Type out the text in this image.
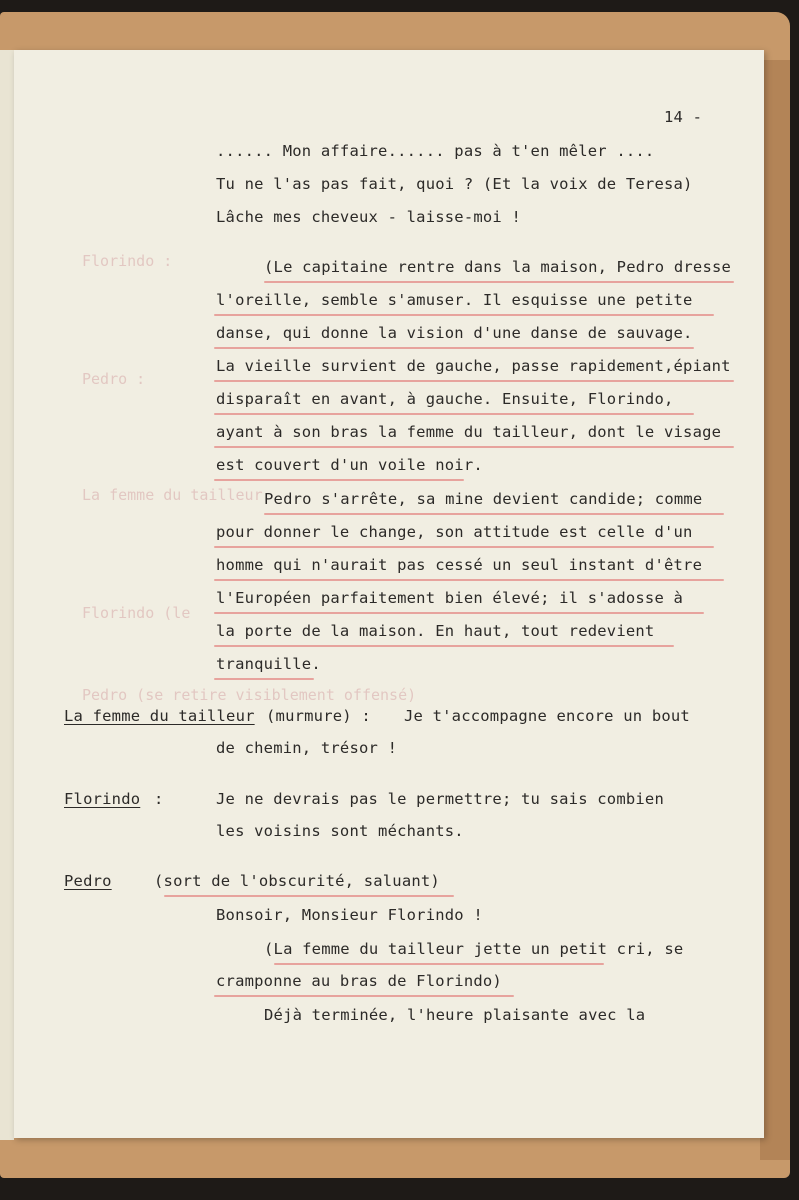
Florindo :
Pedro :
La femme du tailleur
Florindo (le
Pedro (se retire visiblement offensé)
14 -
...... Mon affaire...... pas à t'en mêler ....
Tu ne l'as pas fait, quoi ? (Et la voix de Teresa)
Lâche mes cheveux - laisse-moi !
(Le capitaine rentre dans la maison, Pedro dresse
l'oreille, semble s'amuser. Il esquisse une petite
danse, qui donne la vision d'une danse de sauvage.
La vieille survient de gauche, passe rapidement,épiant
disparaît en avant, à gauche. Ensuite, Florindo,
ayant à son bras la femme du tailleur, dont le visage
est couvert d'un voile noir.
Pedro s'arrête, sa mine devient candide; comme
pour donner le change, son attitude est celle d'un
homme qui n'aurait pas cessé un seul instant d'être
l'Européen parfaitement bien élevé; il s'adosse à
la porte de la maison. En haut, tout redevient
tranquille.
La femme du tailleur (murmure) : Je t'accompagne encore un bout
de chemin, trésor !
Florindo :	Je ne devrais pas le permettre; tu sais combien
les voisins sont méchants.
Pedro	(sort de l'obscurité, saluant)
Bonsoir, Monsieur Florindo !
(La femme du tailleur jette un petit cri, se
cramponne au bras de Florindo)
Déjà terminée, l'heure plaisante avec la
